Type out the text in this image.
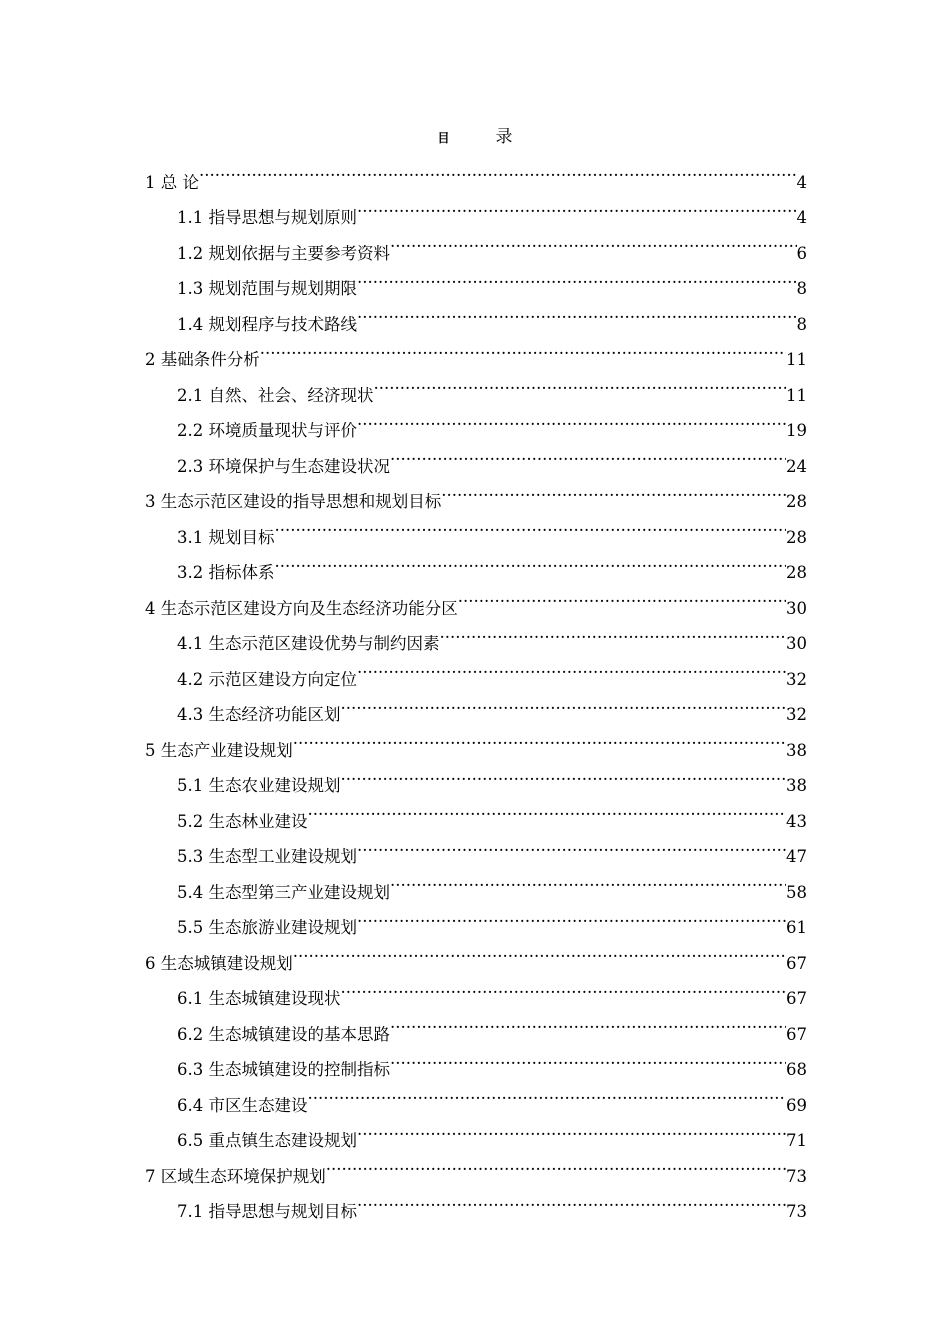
目	录
1 总 论 .....	4
1.1 指导思想与规划原则 .....	4
1.2 规划依据与主要参考资料 .....	6
1.3 规划范围与规划期限 .....	8
1.4 规划程序与技术路线 .....	8
2 基础条件分析 .....	11
2.1 自然、社会、经济现状 .....	11
2.2 环境质量现状与评价 .....	19
2.3 环境保护与生态建设状况 .....	24
3 生态示范区建设的指导思想和规划目标 .....	28
3.1 规划目标 .....	28
3.2 指标体系 .....	28
4 生态示范区建设方向及生态经济功能分区 .....	30
4.1 生态示范区建设优势与制约因素 .....	30
4.2 示范区建设方向定位 .....	32
4.3 生态经济功能区划 .....	32
5 生态产业建设规划 .....	38
5.1 生态农业建设规划 .....	38
5.2 生态林业建设 .....	43
5.3 生态型工业建设规划 .....	47
5.4 生态型第三产业建设规划 .....	58
5.5 生态旅游业建设规划 .....	61
6 生态城镇建设规划 .....	67
6.1 生态城镇建设现状 .....	67
6.2 生态城镇建设的基本思路 .....	67
6.3 生态城镇建设的控制指标 .....	68
6.4 市区生态建设 .....	69
6.5 重点镇生态建设规划 .....	71
7 区域生态环境保护规划 .....	73
7.1 指导思想与规划目标 .....	73
